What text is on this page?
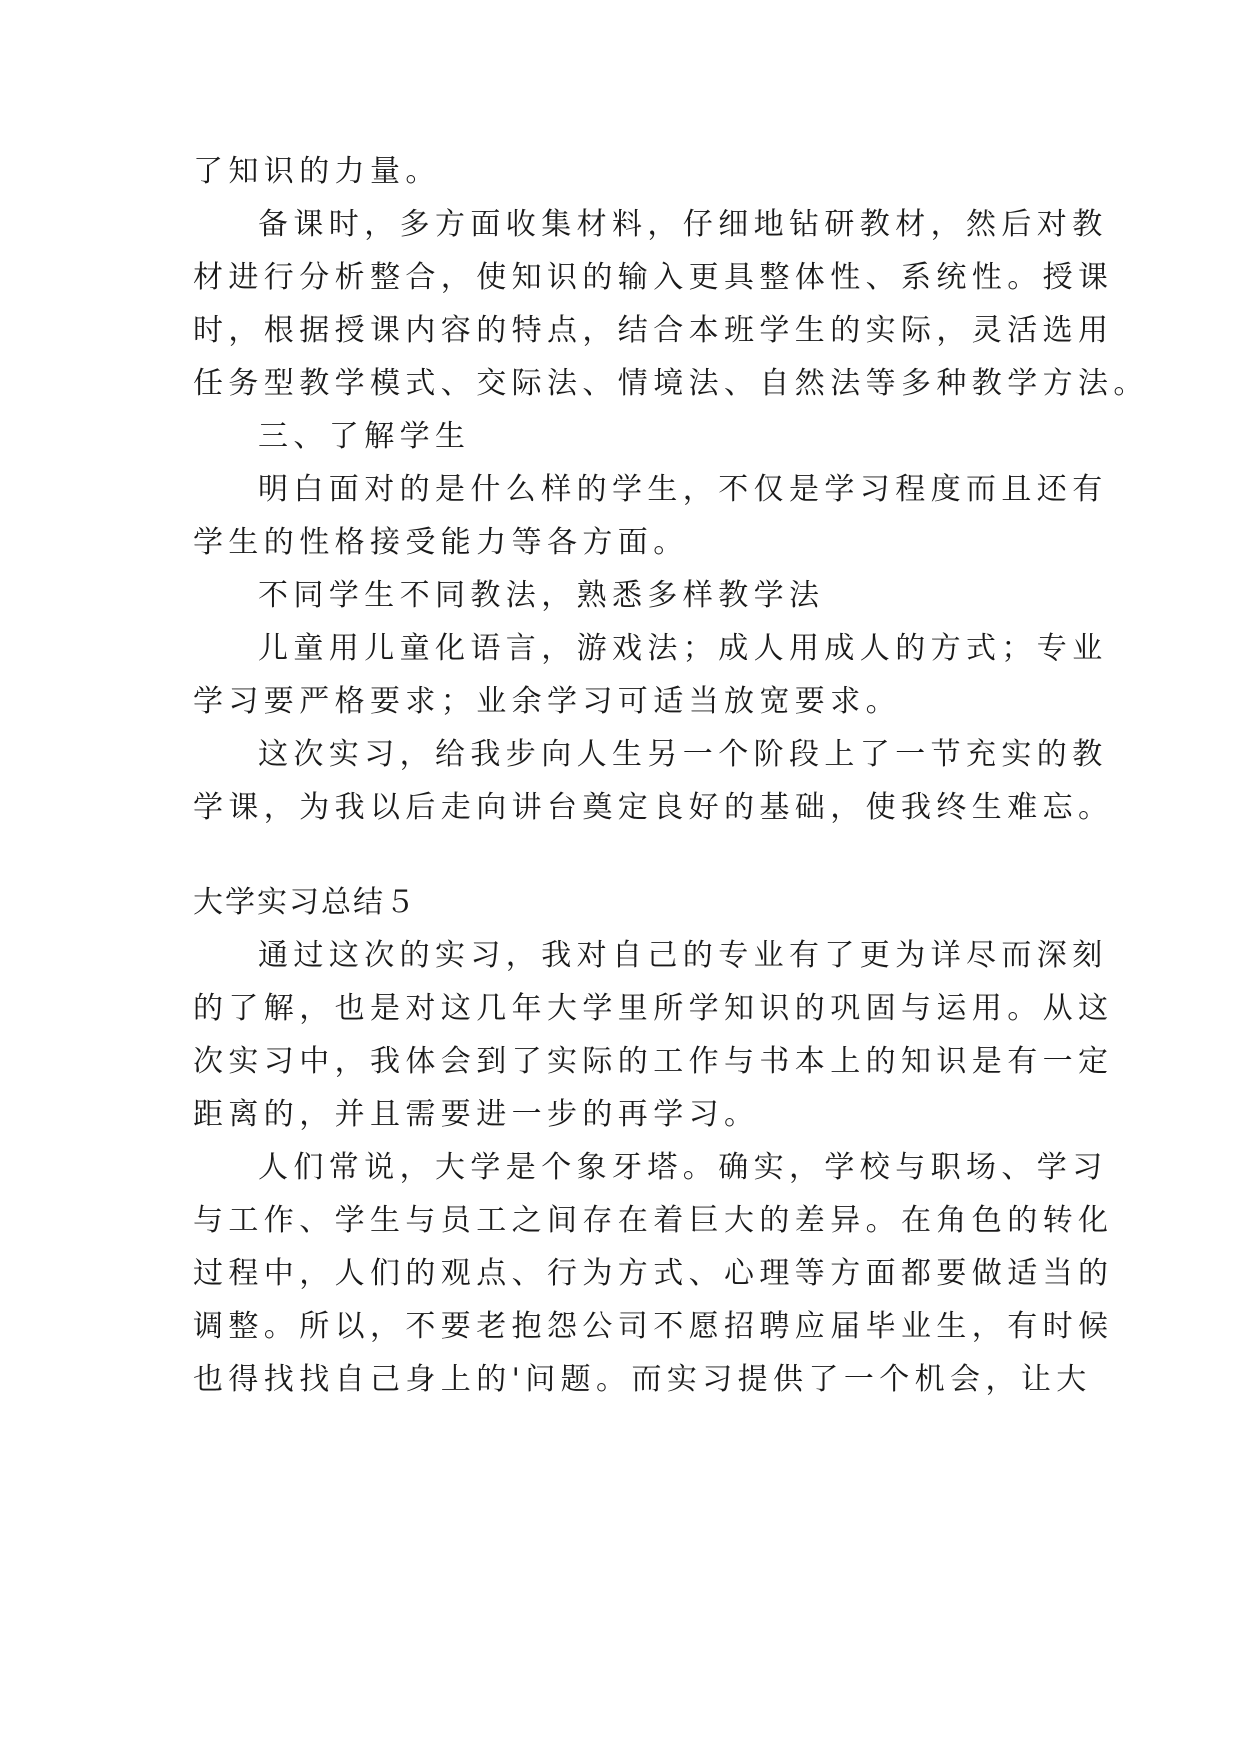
了知识的力量。

备课时，多方面收集材料，仔细地钻研教材，然后对教

材进行分析整合，使知识的输入更具整体性、系统性。授课

时，根据授课内容的特点，结合本班学生的实际，灵活选用

任务型教学模式、交际法、情境法、自然法等多种教学方法。

三、了解学生

明白面对的是什么样的学生，不仅是学习程度而且还有

学生的性格接受能力等各方面。

不同学生不同教法，熟悉多样教学法

儿童用儿童化语言，游戏法；成人用成人的方式；专业

学习要严格要求；业余学习可适当放宽要求。

这次实习，给我步向人生另一个阶段上了一节充实的教

学课，为我以后走向讲台奠定良好的基础，使我终生难忘。

大学实习总结５

通过这次的实习，我对自己的专业有了更为详尽而深刻

的了解，也是对这几年大学里所学知识的巩固与运用。从这

次实习中，我体会到了实际的工作与书本上的知识是有一定

距离的，并且需要进一步的再学习。

人们常说，大学是个象牙塔。确实，学校与职场、学习

与工作、学生与员工之间存在着巨大的差异。在角色的转化

过程中，人们的观点、行为方式、心理等方面都要做适当的

调整。所以，不要老抱怨公司不愿招聘应届毕业生，有时候

也得找找自己身上的'问题。而实习提供了一个机会，让大
